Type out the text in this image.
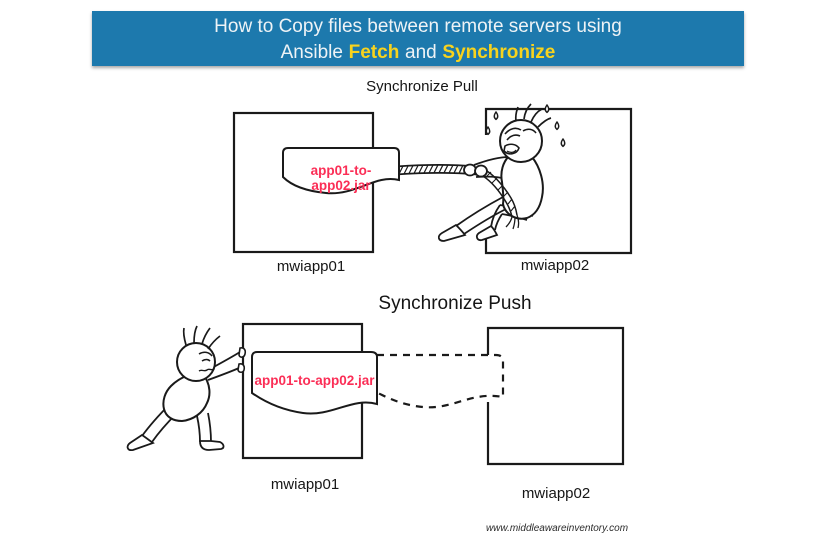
How to Copy files between remote servers using
Ansible Fetch and Synchronize
Synchronize Pull
Synchronize Push
app01-to-app02.jar
app01-to-app02.jar
mwiapp01	mwiapp02
mwiapp01
mwiapp02
www.middleawareinventory.com
